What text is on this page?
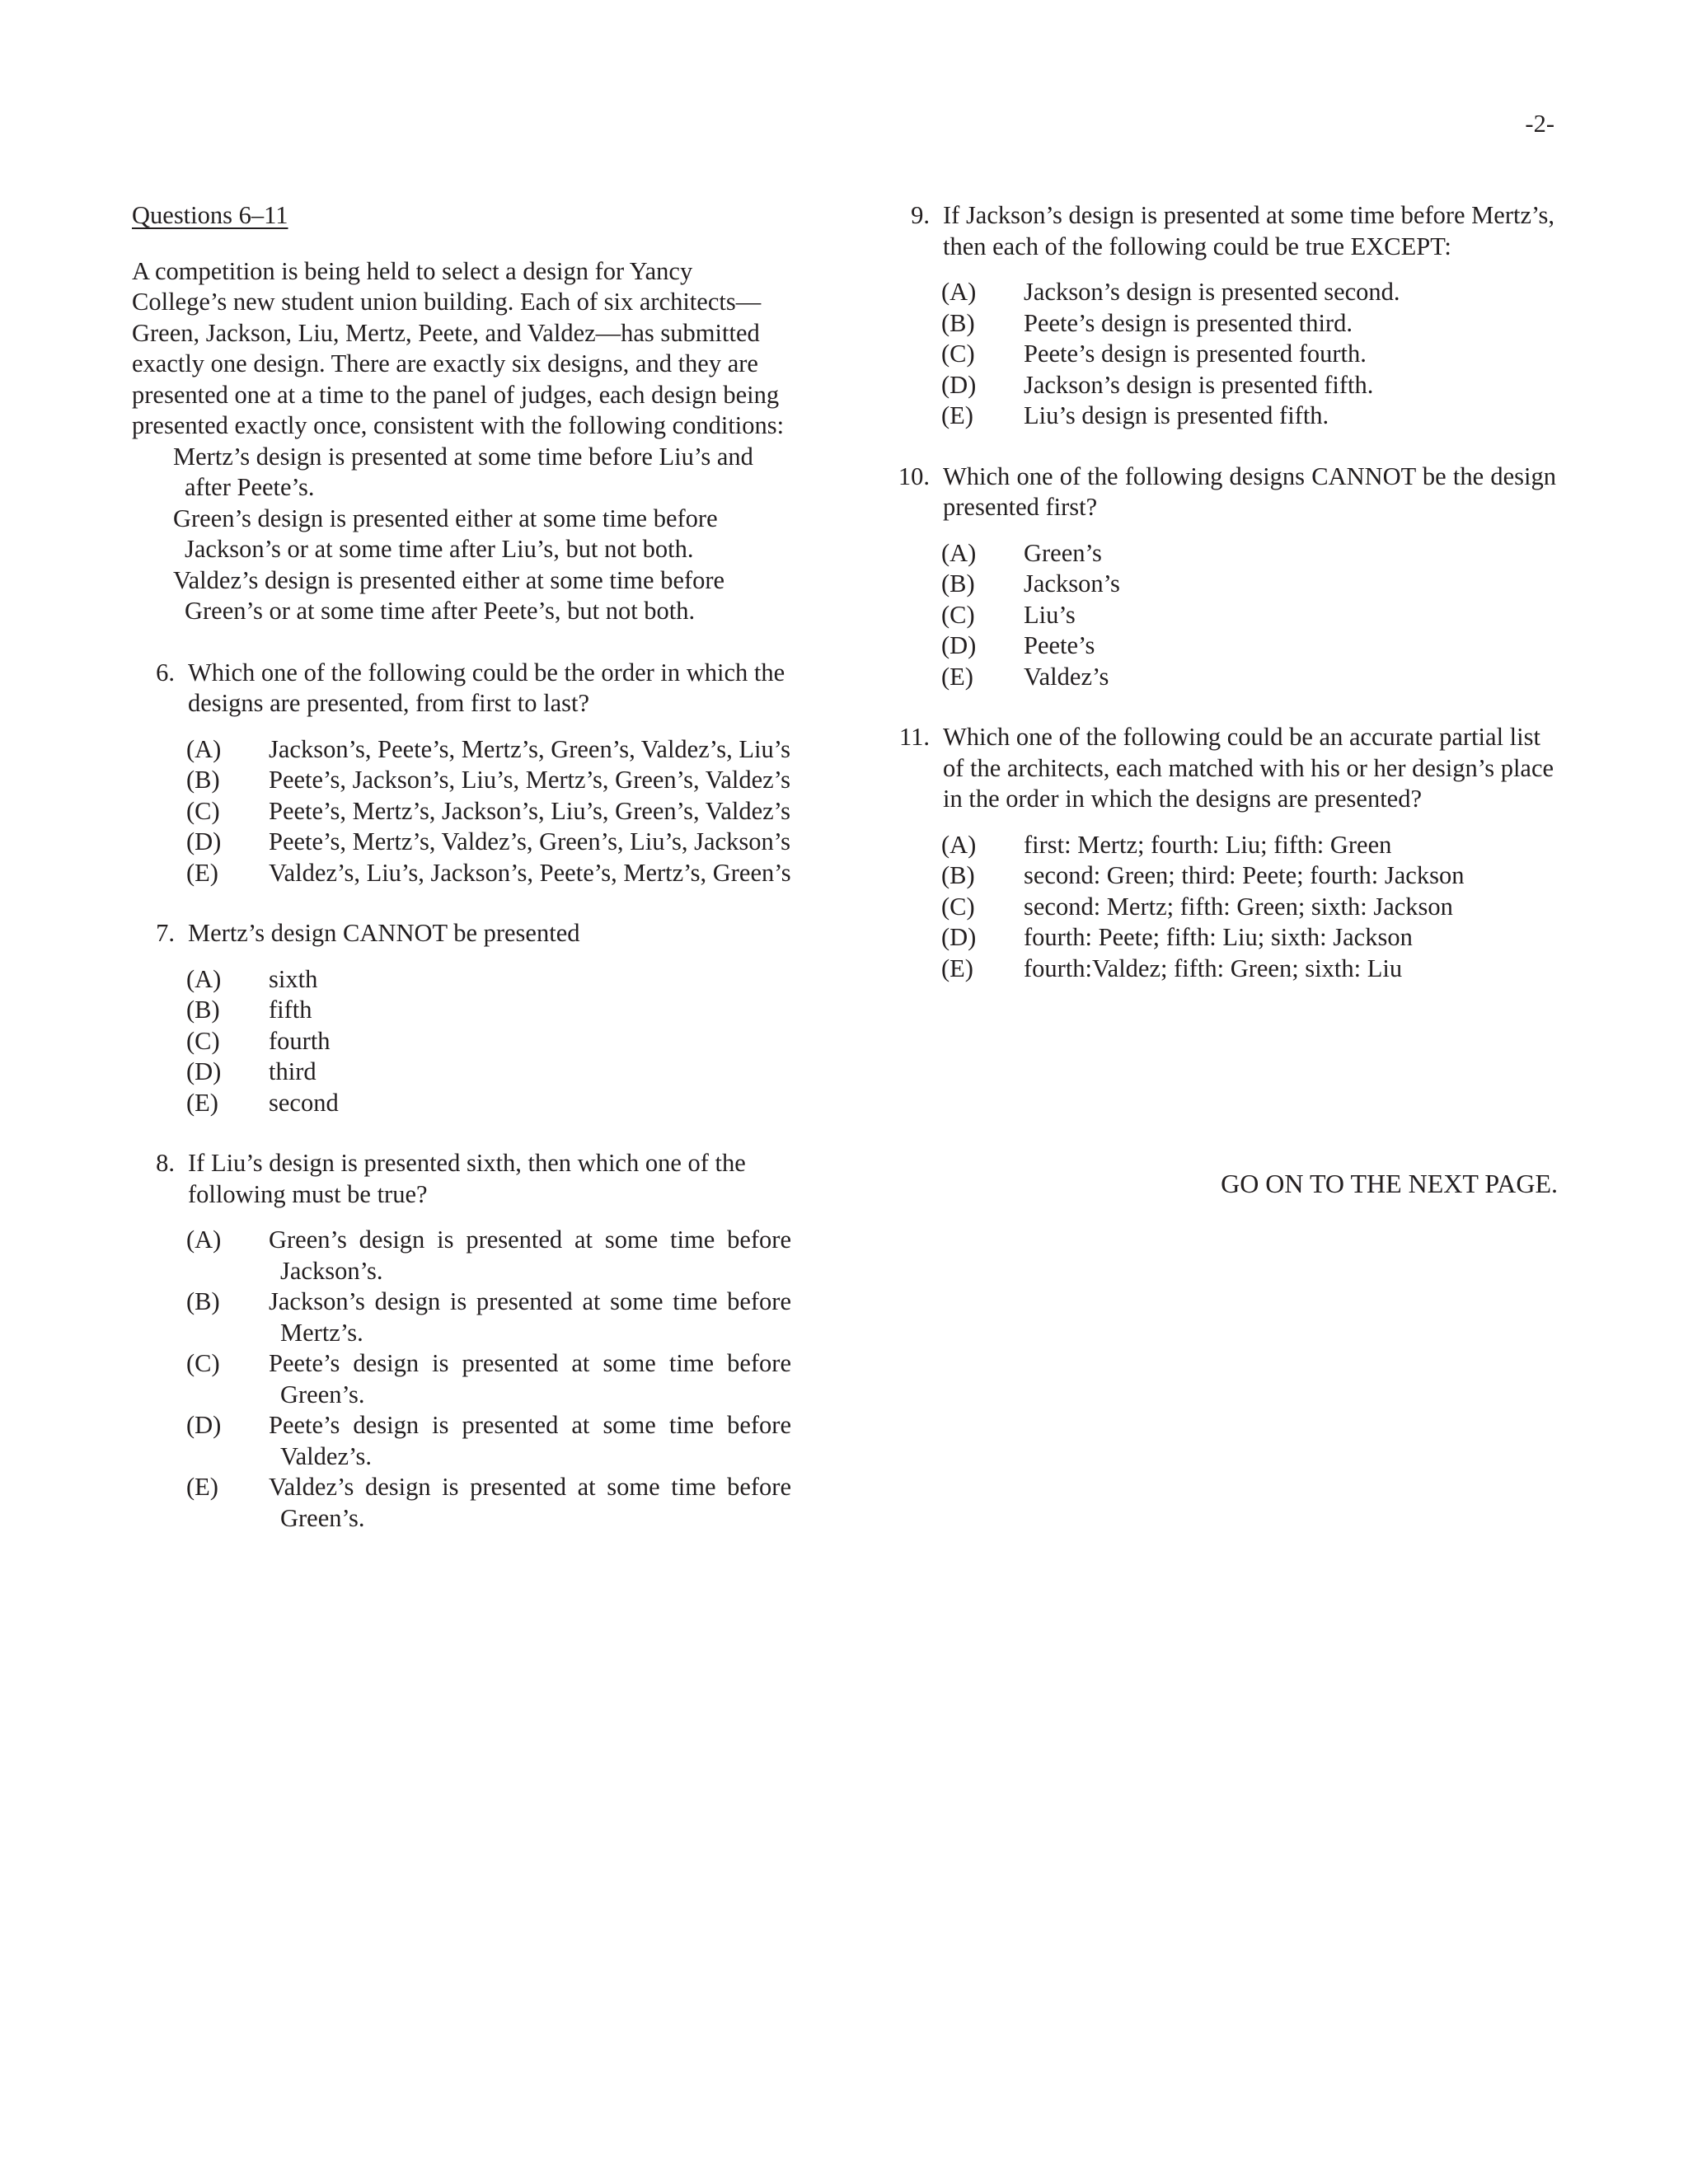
-2-
Questions 6–11

A competition is being held to select a design for Yancy College’s new student union building. Each of six architects—Green, Jackson, Liu, Mertz, Peete, and Valdez—has submitted exactly one design. There are exactly six designs, and they are presented one at a time to the panel of judges, each design being presented exactly once, consistent with the following conditions:

Mertz’s design is presented at some time before Liu’s and after Peete’s.
Green’s design is presented either at some time before Jackson’s or at some time after Liu’s, but not both.
Valdez’s design is presented either at some time before Green’s or at some time after Peete’s, but not both.
6. Which one of the following could be the order in which the designs are presented, from first to last?
(A)	Jackson’s, Peete’s, Mertz’s, Green’s, Valdez’s, Liu’s
(B)	Peete’s, Jackson’s, Liu’s, Mertz’s, Green’s, Valdez’s
(C)	Peete’s, Mertz’s, Jackson’s, Liu’s, Green’s, Valdez’s
(D)	Peete’s, Mertz’s, Valdez’s, Green’s, Liu’s, Jackson’s
(E)	Valdez’s, Liu’s, Jackson’s, Peete’s, Mertz’s, Green’s
7. Mertz’s design CANNOT be presented
(A)	sixth
(B)	fifth
(C)	fourth
(D)	third
(E)	second
8. If Liu’s design is presented sixth, then which one of the following must be true?
(A)	Green’s design is presented at some time before Jackson’s.
(B)	Jackson’s design is presented at some time before Mertz’s.
(C)	Peete’s design is presented at some time before Green’s.
(D)	Peete’s design is presented at some time before Valdez’s.
(E)	Valdez’s design is presented at some time before Green’s.
9. If Jackson’s design is presented at some time before Mertz’s, then each of the following could be true EXCEPT:
(A)	Jackson’s design is presented second.
(B)	Peete’s design is presented third.
(C)	Peete’s design is presented fourth.
(D)	Jackson’s design is presented fifth.
(E)	Liu’s design is presented fifth.
10. Which one of the following designs CANNOT be the design presented first?
(A)	Green’s
(B)	Jackson’s
(C)	Liu’s
(D)	Peete’s
(E)	Valdez’s
11. Which one of the following could be an accurate partial list of the architects, each matched with his or her design’s place in the order in which the designs are presented?
(A)	first: Mertz; fourth: Liu; fifth: Green
(B)	second: Green; third: Peete; fourth: Jackson
(C)	second: Mertz; fifth: Green; sixth: Jackson
(D)	fourth: Peete; fifth: Liu; sixth: Jackson
(E)	fourth:Valdez; fifth: Green; sixth: Liu
GO ON TO THE NEXT PAGE.
